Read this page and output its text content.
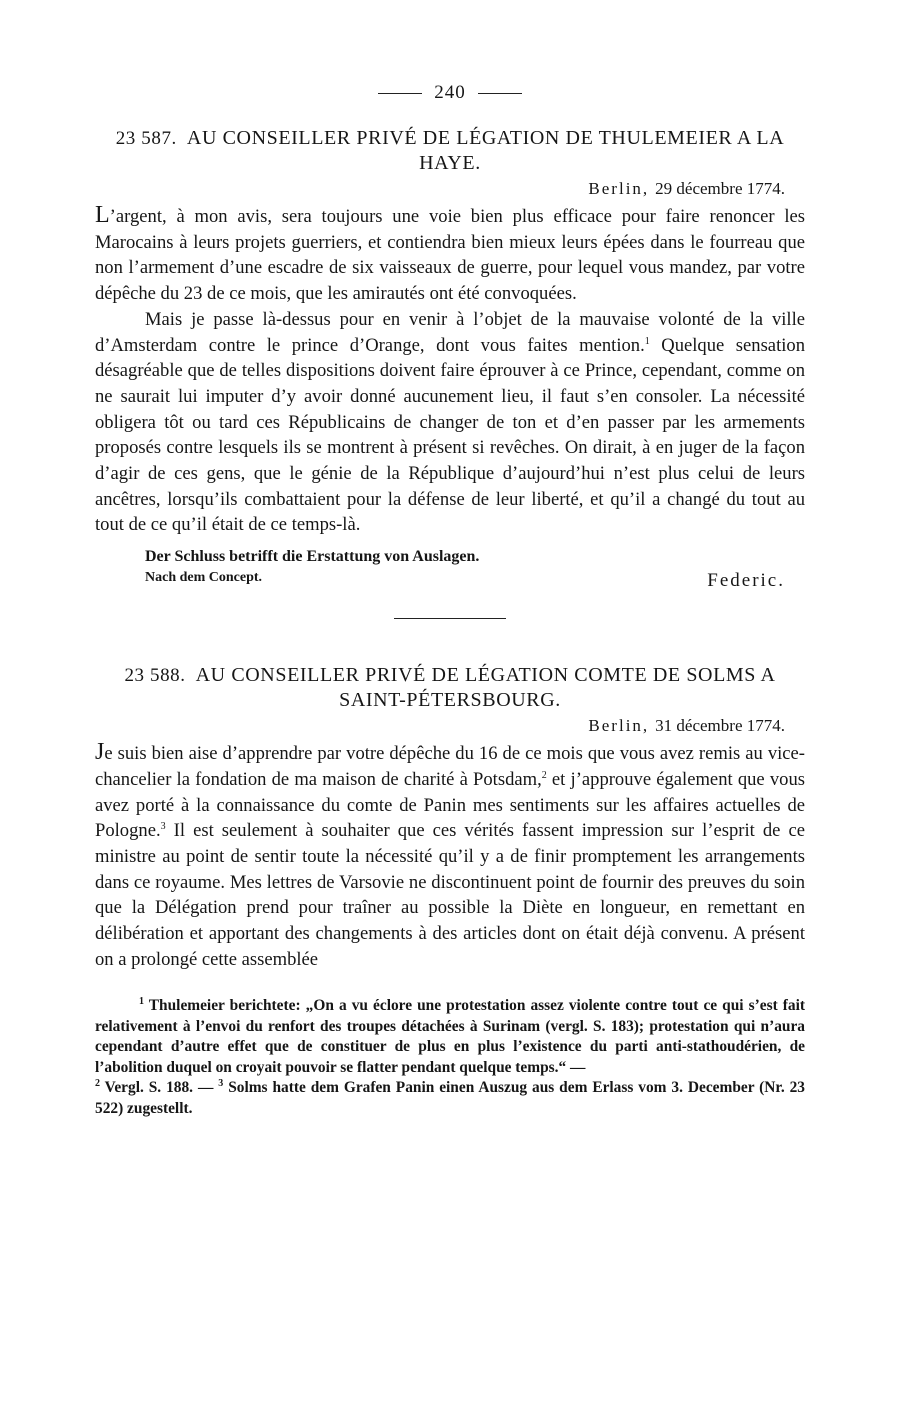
240
23 587. AU CONSEILLER PRIVÉ DE LÉGATION DE THULEMEIER A LA HAYE.
Berlin, 29 décembre 1774.

L’argent, à mon avis, sera toujours une voie bien plus efficace pour faire renoncer les Marocains à leurs projets guerriers, et contiendra bien mieux leurs épées dans le fourreau que non l’armement d’une escadre de six vaisseaux de guerre, pour lequel vous mandez, par votre dépêche du 23 de ce mois, que les amirautés ont été convoquées.

Mais je passe là-dessus pour en venir à l’objet de la mauvaise volonté de la ville d’Amsterdam contre le prince d’Orange, dont vous faites mention.$^1$ Quelque sensation désagréable que de telles dispositions doivent faire éprouver à ce Prince, cependant, comme on ne saurait lui imputer d’y avoir donné aucunement lieu, il faut s’en consoler. La nécessité obligera tôt ou tard ces Républicains de changer de ton et d’en passer par les armements proposés contre lesquels ils se montrent à présent si revêches. On dirait, à en juger de la façon d’agir de ces gens, que le génie de la République d’aujourd’hui n’est plus celui de leurs ancêtres, lorsqu’ils combattaient pour la défense de leur liberté, et qu’il a changé du tout au tout de ce qu’il était de ce temps-là.

Der Schluss betrifft die Erstattung von Auslagen.
Nach dem Concept.	Federic.
23 588. AU CONSEILLER PRIVÉ DE LÉGATION COMTE DE SOLMS A SAINT-PÉTERSBOURG.
Berlin, 31 décembre 1774.

Je suis bien aise d’apprendre par votre dépêche du 16 de ce mois que vous avez remis au vice-chancelier la fondation de ma maison de charité à Potsdam,$^2$ et j’approuve également que vous avez porté à la connaissance du comte de Panin mes sentiments sur les affaires actuelles de Pologne.$^3$ Il est seulement à souhaiter que ces vérités fassent impression sur l’esprit de ce ministre au point de sentir toute la nécessité qu’il y a de finir promptement les arrangements dans ce royaume. Mes lettres de Varsovie ne discontinuent point de fournir des preuves du soin que la Délégation prend pour traîner au possible la Diète en longueur, en remettant en délibération et apportant des changements à des articles dont on était déjà convenu. A présent on a prolongé cette assemblée

$^1$ Thulemeier berichtete: „On a vu éclore une protestation assez violente contre tout ce qui s’est fait relativement à l’envoi du renfort des troupes détachées à Surinam (vergl. S. 183); protestation qui n’aura cependant d’autre effet que de constituer de plus en plus l’existence du parti anti-stathoudérien, de l’abolition duquel on croyait pouvoir se flatter pendant quelque temps.“ —

$^2$ Vergl. S. 188. — $^3$ Solms hatte dem Grafen Panin einen Auszug aus dem Erlass vom 3. December (Nr. 23 522) zugestellt.
